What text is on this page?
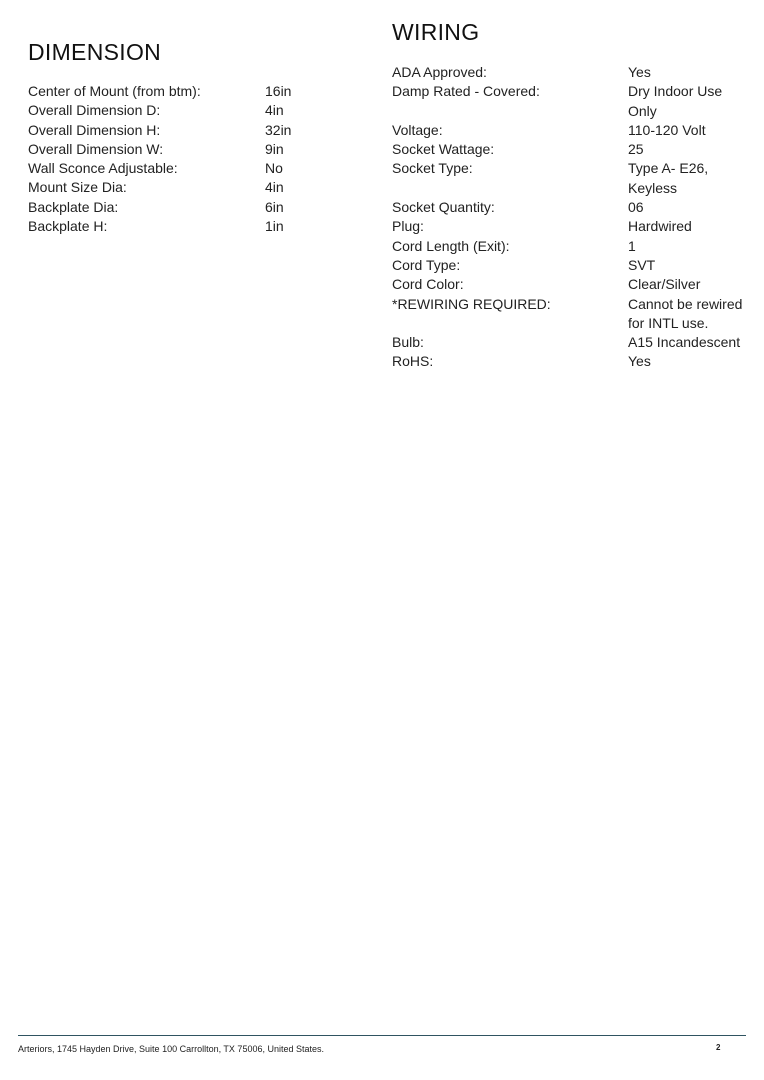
DIMENSION
Center of Mount (from btm):	16in
Overall Dimension D:	4in
Overall Dimension H:	32in
Overall Dimension W:	9in
Wall Sconce Adjustable:	No
Mount Size Dia:	4in
Backplate Dia:	6in
Backplate H:	1in
WIRING
ADA Approved:	Yes
Damp Rated - Covered:	Dry Indoor Use Only
Voltage:	110-120 Volt
Socket Wattage:	25
Socket Type:	Type A- E26, Keyless
Socket Quantity:	06
Plug:	Hardwired
Cord Length (Exit):	1
Cord Type:	SVT
Cord Color:	Clear/Silver
*REWIRING REQUIRED:	Cannot be rewired for INTL use.
Bulb:	A15 Incandescent
RoHS:	Yes
Arteriors, 1745 Hayden Drive, Suite 100 Carrollton, TX 75006, United States.	2
